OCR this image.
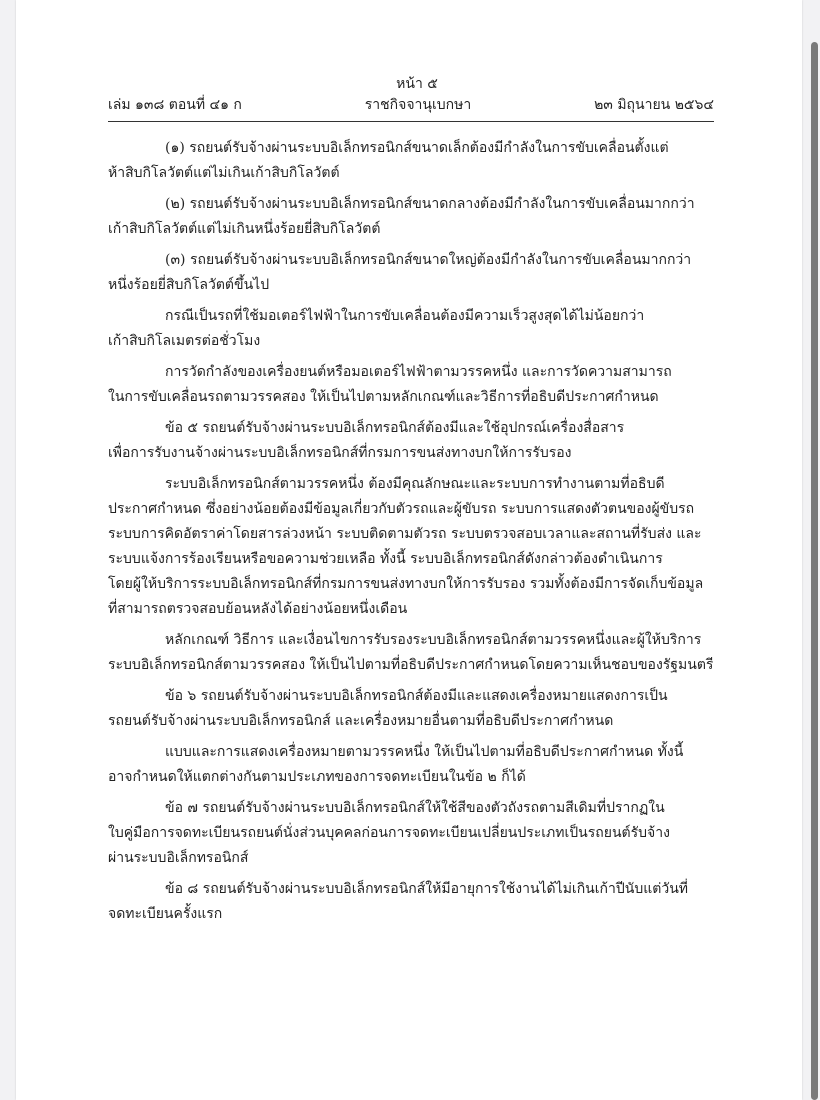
หน้า ๕
เล่ม ๑๓๘ ตอนที่ ๔๑ ก	ราชกิจจานุเบกษา	๒๓ มิถุนายน ๒๕๖๔
(๑) รถยนต์รับจ้างผ่านระบบอิเล็กทรอนิกส์ขนาดเล็กต้องมีกำลังในการขับเคลื่อนตั้งแต่
ห้าสิบกิโลวัตต์แต่ไม่เกินเก้าสิบกิโลวัตต์
(๒) รถยนต์รับจ้างผ่านระบบอิเล็กทรอนิกส์ขนาดกลางต้องมีกำลังในการขับเคลื่อนมากกว่า
เก้าสิบกิโลวัตต์แต่ไม่เกินหนึ่งร้อยยี่สิบกิโลวัตต์
(๓) รถยนต์รับจ้างผ่านระบบอิเล็กทรอนิกส์ขนาดใหญ่ต้องมีกำลังในการขับเคลื่อนมากกว่า
หนึ่งร้อยยี่สิบกิโลวัตต์ขึ้นไป
กรณีเป็นรถที่ใช้มอเตอร์ไฟฟ้าในการขับเคลื่อนต้องมีความเร็วสูงสุดได้ไม่น้อยกว่า
เก้าสิบกิโลเมตรต่อชั่วโมง
การวัดกำลังของเครื่องยนต์หรือมอเตอร์ไฟฟ้าตามวรรคหนึ่ง และการวัดความสามารถ
ในการขับเคลื่อนรถตามวรรคสอง ให้เป็นไปตามหลักเกณฑ์และวิธีการที่อธิบดีประกาศกำหนด
ข้อ ๕ รถยนต์รับจ้างผ่านระบบอิเล็กทรอนิกส์ต้องมีและใช้อุปกรณ์เครื่องสื่อสาร
เพื่อการรับงานจ้างผ่านระบบอิเล็กทรอนิกส์ที่กรมการขนส่งทางบกให้การรับรอง
ระบบอิเล็กทรอนิกส์ตามวรรคหนึ่ง ต้องมีคุณลักษณะและระบบการทำงานตามที่อธิบดี
ประกาศกำหนด ซึ่งอย่างน้อยต้องมีข้อมูลเกี่ยวกับตัวรถและผู้ขับรถ ระบบการแสดงตัวตนของผู้ขับรถ
ระบบการคิดอัตราค่าโดยสารล่วงหน้า ระบบติดตามตัวรถ ระบบตรวจสอบเวลาและสถานที่รับส่ง และ
ระบบแจ้งการร้องเรียนหรือขอความช่วยเหลือ ทั้งนี้ ระบบอิเล็กทรอนิกส์ดังกล่าวต้องดำเนินการ
โดยผู้ให้บริการระบบอิเล็กทรอนิกส์ที่กรมการขนส่งทางบกให้การรับรอง รวมทั้งต้องมีการจัดเก็บข้อมูล
ที่สามารถตรวจสอบย้อนหลังได้อย่างน้อยหนึ่งเดือน
หลักเกณฑ์ วิธีการ และเงื่อนไขการรับรองระบบอิเล็กทรอนิกส์ตามวรรคหนึ่งและผู้ให้บริการ
ระบบอิเล็กทรอนิกส์ตามวรรคสอง ให้เป็นไปตามที่อธิบดีประกาศกำหนดโดยความเห็นชอบของรัฐมนตรี
ข้อ ๖ รถยนต์รับจ้างผ่านระบบอิเล็กทรอนิกส์ต้องมีและแสดงเครื่องหมายแสดงการเป็น
รถยนต์รับจ้างผ่านระบบอิเล็กทรอนิกส์ และเครื่องหมายอื่นตามที่อธิบดีประกาศกำหนด
แบบและการแสดงเครื่องหมายตามวรรคหนึ่ง ให้เป็นไปตามที่อธิบดีประกาศกำหนด ทั้งนี้
อาจกำหนดให้แตกต่างกันตามประเภทของการจดทะเบียนในข้อ ๒ ก็ได้
ข้อ ๗ รถยนต์รับจ้างผ่านระบบอิเล็กทรอนิกส์ให้ใช้สีของตัวถังรถตามสีเดิมที่ปรากฏใน
ใบคู่มือการจดทะเบียนรถยนต์นั่งส่วนบุคคลก่อนการจดทะเบียนเปลี่ยนประเภทเป็นรถยนต์รับจ้าง
ผ่านระบบอิเล็กทรอนิกส์
ข้อ ๘ รถยนต์รับจ้างผ่านระบบอิเล็กทรอนิกส์ให้มีอายุการใช้งานได้ไม่เกินเก้าปีนับแต่วันที่
จดทะเบียนครั้งแรก
